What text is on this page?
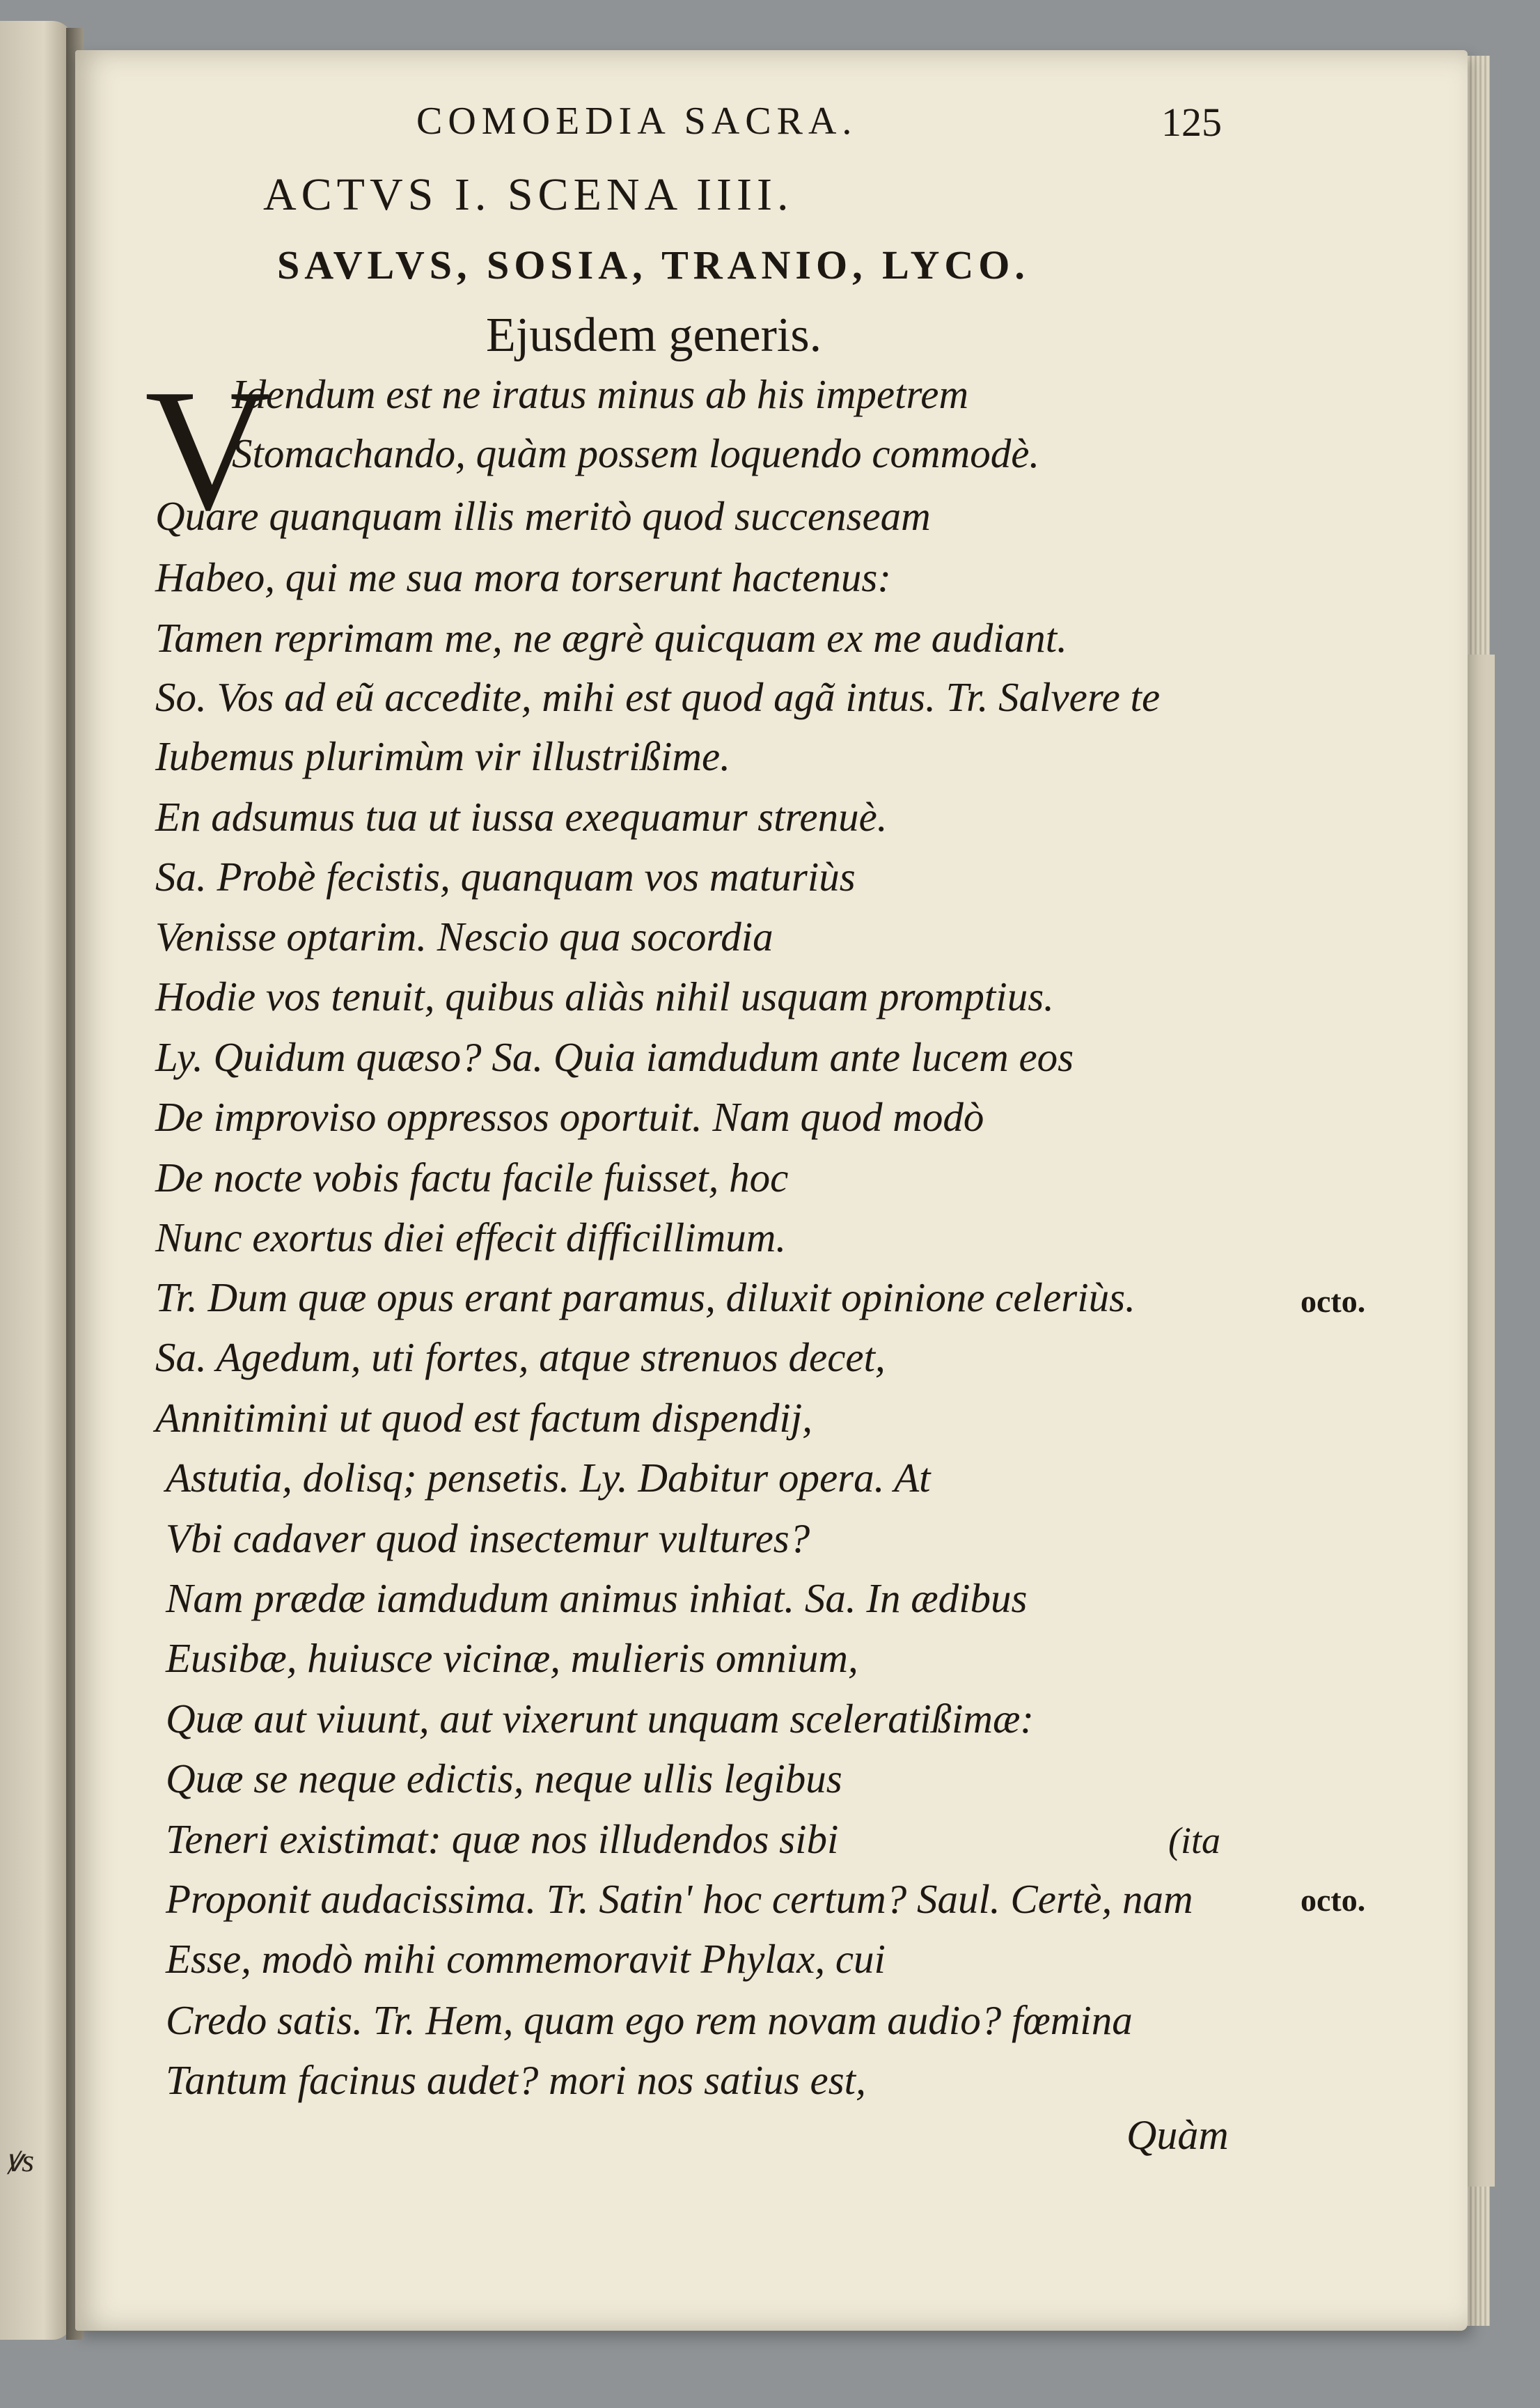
ꝟs
COMOEDIA SACRA.	125
ACTVS I. SCENA IIII.
SAVLVS, SOSIA, TRANIO, LYCO.
Ejusdem generis.
V
Idendum est ne iratus minus ab his impetrem
Stomachando, quàm possem loquendo commodè.
Quare quanquam illis meritò quod succenseam
Habeo, qui me sua mora torserunt hactenus:
Tamen reprimam me, ne ægrè quicquam ex me audiant.
So. Vos ad eũ accedite, mihi est quod agã intus. Tr. Salvere te
Iubemus plurimùm vir illustrißime.
En adsumus tua ut iussa exequamur strenuè.
Sa. Probè fecistis, quanquam vos maturiùs
Venisse optarim. Nescio qua socordia
Hodie vos tenuit, quibus aliàs nihil usquam promptius.
Ly. Quidum quæso? Sa. Quia iamdudum ante lucem eos
De improviso oppressos oportuit. Nam quod modò
De nocte vobis factu facile fuisset, hoc
Nunc exortus diei effecit difficillimum.
Tr. Dum quæ opus erant paramus, diluxit opinione celeriùs.
Sa. Agedum, uti fortes, atque strenuos decet,
Annitimini ut quod est factum dispendij,
Astutia, dolisq; pensetis. Ly. Dabitur opera. At
Vbi cadaver quod insectemur vultures?
Nam prædæ iamdudum animus inhiat. Sa. In ædibus
Eusibæ, huiusce vicinæ, mulieris omnium,
Quæ aut viuunt, aut vixerunt unquam sceleratißimæ:
Quæ se neque edictis, neque ullis legibus
Teneri existimat: quæ nos illudendos sibi
Proponit audacissima. Tr. Satin' hoc certum? Saul. Certè, nam
Esse, modò mihi commemoravit Phylax, cui
Credo satis. Tr. Hem, quam ego rem novam audio? fœmina
Tantum facinus audet? mori nos satius est,
octo.
(ita
octo.
Quàm
